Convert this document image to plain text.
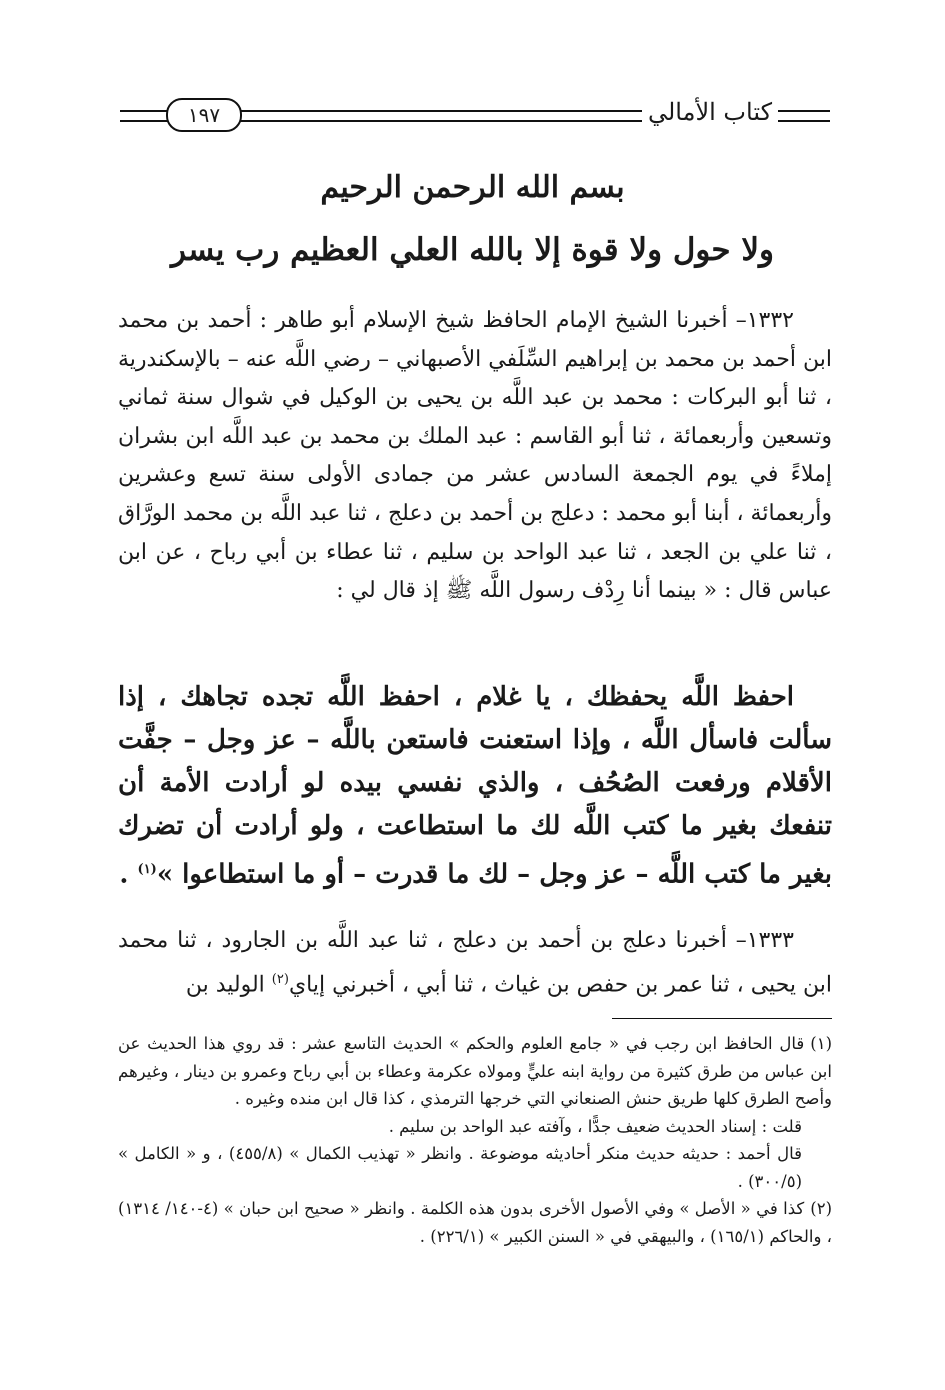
كتاب الأمالي
١٩٧
بسم الله الرحمن الرحيم
ولا حول ولا قوة إلا بالله العلي العظيم رب يسر

١٣٣٢– أخبرنا الشيخ الإمام الحافظ شيخ الإسلام أبو طاهر : أحمد بن محمد ابن أحمد بن محمد بن إبراهيم السِّلَفي الأصبهاني – رضي اللَّه عنه – بالإسكندرية ، ثنا أبو البركات : محمد بن عبد اللَّه بن يحيى بن الوكيل في شوال سنة ثماني وتسعين وأربعمائة ، ثنا أبو القاسم : عبد الملك بن محمد بن عبد اللَّه ابن بشران إملاءً في يوم الجمعة السادس عشر من جمادى الأولى سنة تسع وعشرين وأربعمائة ، أبنا أبو محمد : دعلج بن أحمد بن دعلج ، ثنا عبد اللَّه بن محمد الورَّاق ، ثنا علي بن الجعد ، ثنا عبد الواحد بن سليم ، ثنا عطاء بن أبي رباح ، عن ابن عباس قال : « بينما أنا رِدْف رسول اللَّه ﷺ إذ قال لي :

احفظ اللَّه يحفظك ، يا غلام ، احفظ اللَّه تجده تجاهك ، إذا سألت فاسأل اللَّه ، وإذا استعنت فاستعن باللَّه – عز وجل – جفَّت الأقلام ورفعت الصُحُف ، والذي نفسي بيده لو أرادت الأمة أن تنفعك بغير ما كتب اللَّه لك ما استطاعت ، ولو أرادت أن تضرك بغير ما كتب اللَّه – عز وجل – لك ما قدرت – أو ما استطاعوا »$^{(١)}$ .

١٣٣٣– أخبرنا دعلج بن أحمد بن دعلج ، ثنا عبد اللَّه بن الجارود ، ثنا محمد ابن يحيى ، ثنا عمر بن حفص بن غياث ، ثنا أبي ، أخبرني إياي$^{(٢)}$ الوليد بن

(١)قال الحافظ ابن رجب في « جامع العلوم والحكم » الحديث التاسع عشر : قد روي هذا الحديث عن ابن عباس من طرق كثيرة من رواية ابنه عليٍّ ومولاه عكرمة وعطاء بن أبي رباح وعمرو بن دينار ، وغيرهم وأصح الطرق كلها طريق حنش الصنعاني التي خرجها الترمذي ، كذا قال ابن منده وغيره .

قلت : إسناد الحديث ضعيف جدًّا ، وآفته عبد الواحد بن سليم .

قال أحمد : حديثه حديث منكر أحاديثه موضوعة . وانظر « تهذيب الكمال » (٤٥٥/٨) ، و « الكامل » (٣٠٠/٥) .

(٢)كذا في « الأصل » وفي الأصول الأخرى بدون هذه الكلمة . وانظر « صحيح ابن حبان » (٤-١٤٠/ ١٣١٤) ، والحاكم (١٦٥/١) ، والبيهقي في « السنن الكبير » (٢٢٦/١) .
